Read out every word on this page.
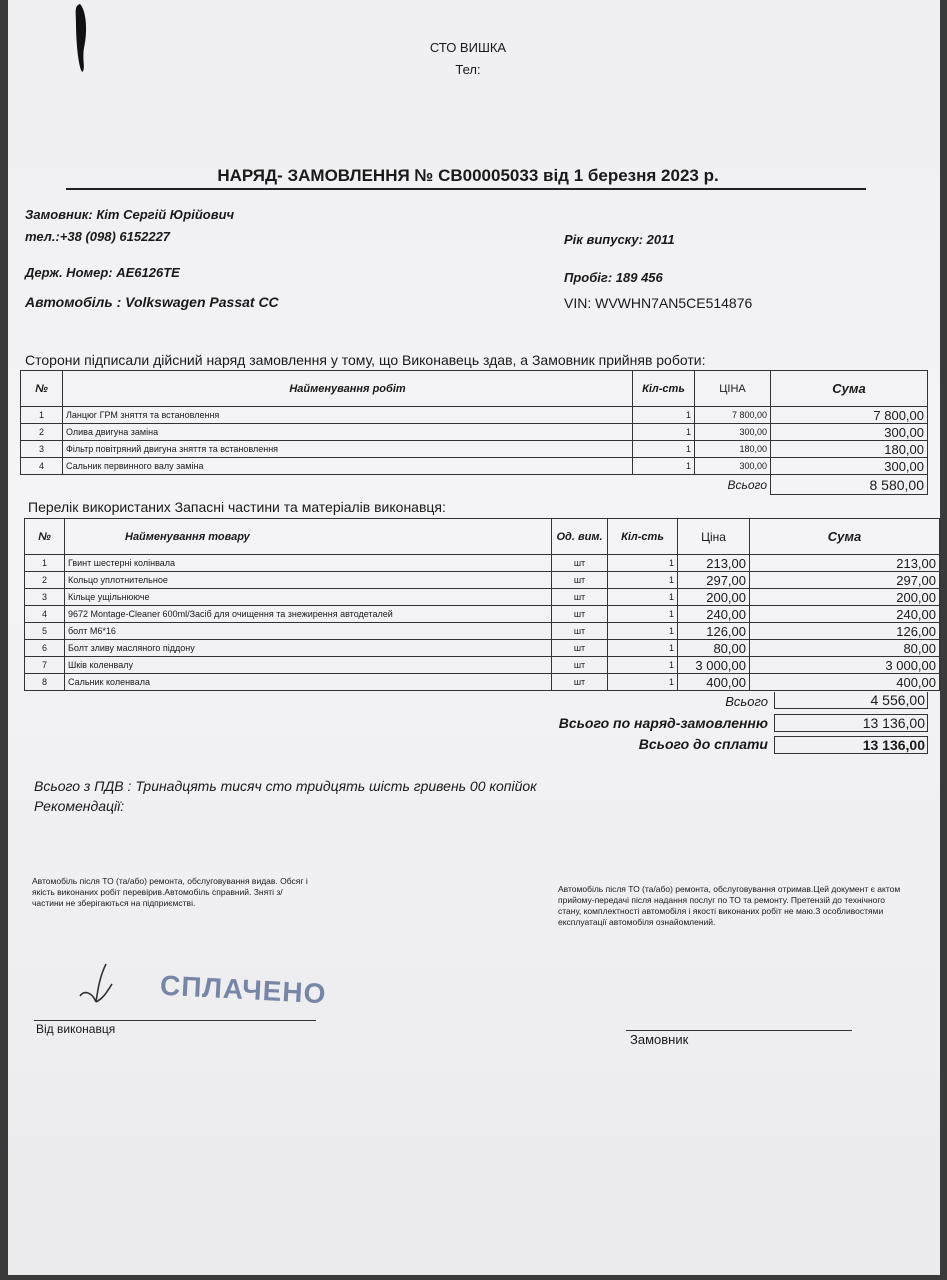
СТО ВИШКА
Тел:
НАРЯД- ЗАМОВЛЕННЯ № СВ00005033 від 1 березня 2023 р.
Замовник: Кіт Сергій Юрійович
тел.:+38 (098) 6152227
Держ. Номер: АЕ6126ТЕ
Автомобіль : Volkswagen Passat CC
Рік випуску: 2011
Пробіг: 189 456
VIN: WVWHN7AN5CE514876
Сторони підписали дійсний наряд замовлення у тому, що Виконавець здав, а Замовник прийняв роботи:
№	Найменування робіт	Кіл-сть	ЦІНА	Сума
1	Ланцюг ГРМ зняття та встановлення	1	7 800,00	7 800,00
2	Оливa двигуна заміна	1	300,00	300,00
3	Фільтр повітряний двигуна зняття та встановлення	1	180,00	180,00
4	Сальник первинного валу заміна	1	300,00	300,00
			Всього	8 580,00
Перелік використаних Запасні частини та матеріалів виконавця:
№	Найменування товару	Од. вим.	Кіл-сть	Ціна	Сума
1	Гвинт шестерні колінвала	шт	1	213,00	213,00
2	Кольцо уплотнительное	шт	1	297,00	297,00
3	Кільце ущільнююче	шт	1	200,00	200,00
4	9672 Montage-Cleaner 600ml/Засіб для очищення та знежирення автодеталей	шт	1	240,00	240,00
5	болт М6*16	шт	1	126,00	126,00
6	Болт зливу масляного піддону	шт	1	80,00	80,00
7	Шків коленвалу	шт	1	3 000,00	3 000,00
8	Сальник коленвала	шт	1	400,00	400,00
Всього	4 556,00
Всього по наряд-замовленню	13 136,00
Всього до сплати	13 136,00
Всього з ПДВ : Тринадцять тисяч сто тридцять шість гривень 00 копійок
Рекомендації:
Автомобіль після ТО (та/або) ремонта, обслуговування видав. Обсяг і якість виконаних робіт перевірив.Автомобіль справний. Зняті з/частини не зберігаються на підприємстві.
Автомобіль після ТО (та/або) ремонта, обслуговування отримав.Цей документ є актом прийому-передачі після надання послуг по ТО та ремонту. Претензій до технічного стану, комплектності автомобіля і якості виконаних робіт не маю.З особливостями експлуатації автомобіля ознайомлений.
СПЛАЧЕНО
Від виконавця
Замовник
